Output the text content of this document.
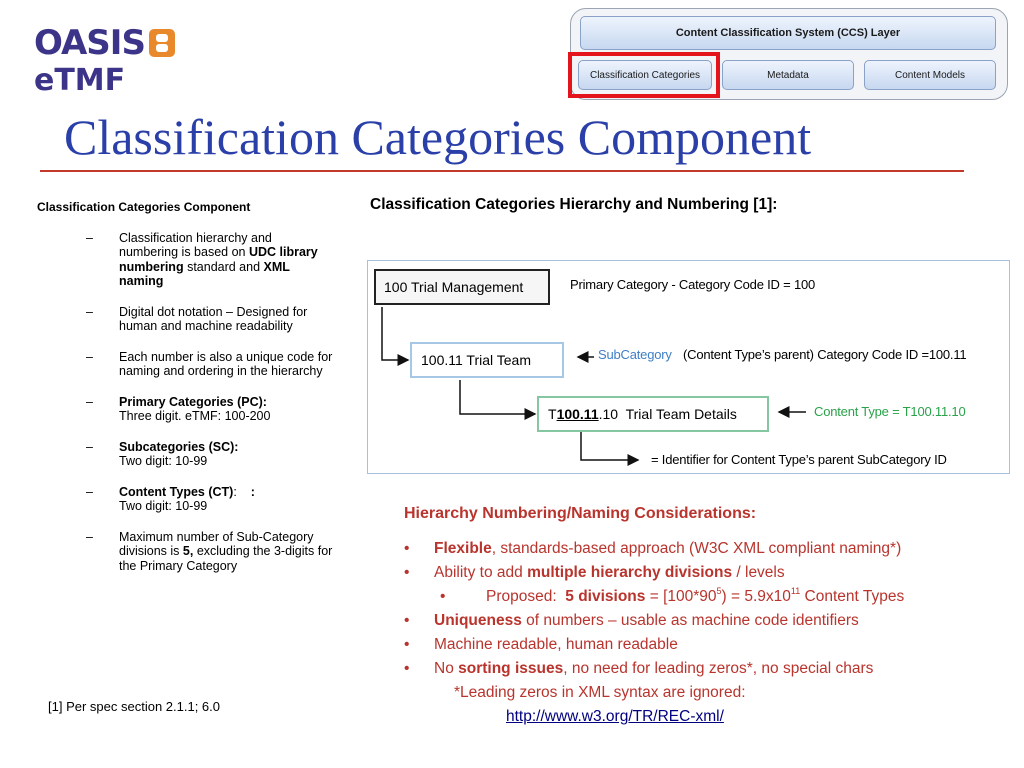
OASIS
eTMF
Content Classification System (CCS) Layer
Classification Categories	Metadata	Content Models
Classification Categories Component
Classification Categories Component
– Classification hierarchy and numbering is based on UDC library numbering standard and XML naming
– Digital dot notation – Designed for human and machine readability
– Each number is also a unique code for naming and ordering in the hierarchy
– Primary Categories (PC):
Three digit. eTMF: 100-200
– Subcategories (SC):
Two digit: 10-99
– Content Types (CT):    :
Two digit: 10-99
– Maximum number of Sub-Category divisions is 5, excluding the 3-digits for the Primary Category
[1] Per spec section 2.1.1; 6.0
Classification Categories Hierarchy and Numbering [1]:
100 Trial Management	Primary Category - Category Code ID = 100
100.11 Trial Team	SubCategory (Content Type’s parent) Category Code ID =100.11
T 100.11 .10  Trial Team Details	Content Type = T100.11.10
= Identifier for Content Type’s parent SubCategory ID
Hierarchy Numbering/Naming Considerations:
• Flexible, standards-based approach (W3C XML compliant naming*)
• Ability to add multiple hierarchy divisions / levels
• Proposed:  5 divisions = $[100*90^5) = 5.9x10^{11}$ Content Types
• Uniqueness of numbers – usable as machine code identifiers
• Machine readable, human readable
• No sorting issues, no need for leading zeros*, no special chars
*Leading zeros in XML syntax are ignored:
http://www.w3.org/TR/REC-xml/
